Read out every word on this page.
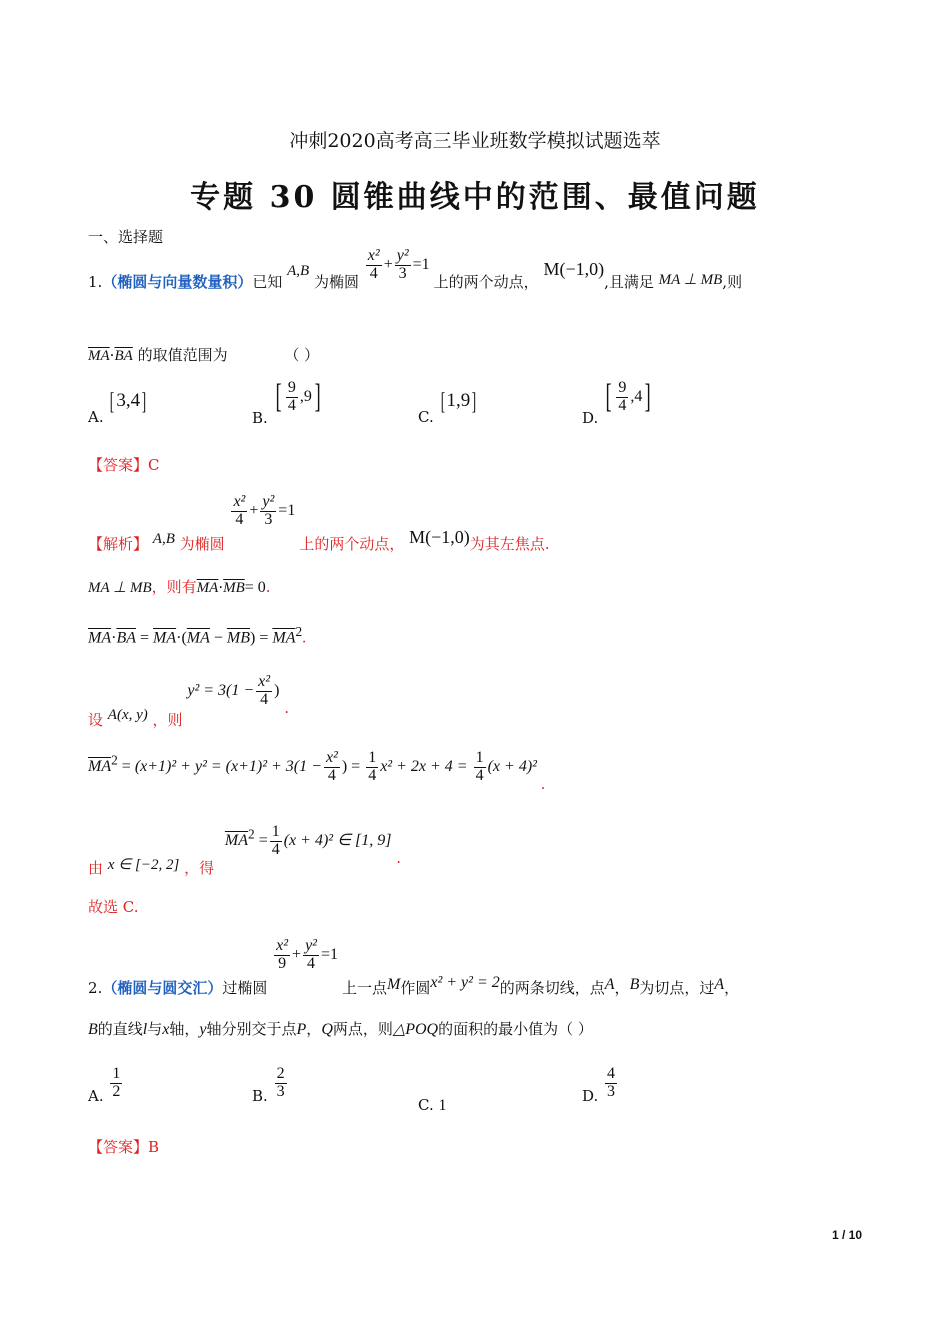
冲刺2020高考高三毕业班数学模拟试题选萃
专题 30 圆锥曲线中的范围、最值问题
一、选择题
1.（椭圆与向量数量积）已知 A,B 为椭圆 $\frac{\text{x²}}{4} + \frac{\text{y²}}{3} =1$ 上的两个动点， M(−1,0),且满足 MA ⊥ MB,则
$\overline{MA}\cdot\overline{BA}$ 的取值范围为	（ ）
A. [3,4]
B. [ $\frac{9}{4} ,9$]
C. [1,9]
D. [ $\frac{9}{4} ,4$]
【答案】C
【解析】 A,B 为椭圆
$\frac{\text{x²}}{4} + \frac{\text{y²}}{3} =1$ 上的两个动点， M(−1,0)为其左焦点.
MA ⊥ MB，则有$\overline{MA}\cdot\overline{MB}= 0$.
$\overline{MA}\cdot\overline{BA} = \overline{MA}\cdot(\overline{MA} - \overline{MB}) = \overline{MA}^2$.
设 A(x, y) ，则 $y^2 = 3(1 - \frac{\text{x²}}{4}$ ) .
$\overline{MA}^2 = (x+1)^2 + y^2 = (x+1)^2 + 3(1 - \frac{\text{x²}}{4}$ ) = $\frac{1}{4} x^2 + 2x + 4 = \frac{1}{4} (x + 4)^2$ .
由 x ∈ [−2, 2] ，得 $\overline{MA}^2 = \frac{1}{4} (x + 4)^2$ ∈ [1, 9] .
故选 C.
2.（椭圆与圆交汇）过椭圆
$\frac{\text{x²}}{9} + \frac{\text{y²}}{4} =1$ 上一点M作圆x² + y² = 2的两条切线，点A，B为切点，过A，
B的直线l与x轴，y轴分别交于点P，Q两点，则△POQ的面积的最小值为（ ）
A. $\frac{1}{2}$	B. $\frac{2}{3}$
C. 1
D. $\frac{4}{3}$
【答案】B
1 / 10
